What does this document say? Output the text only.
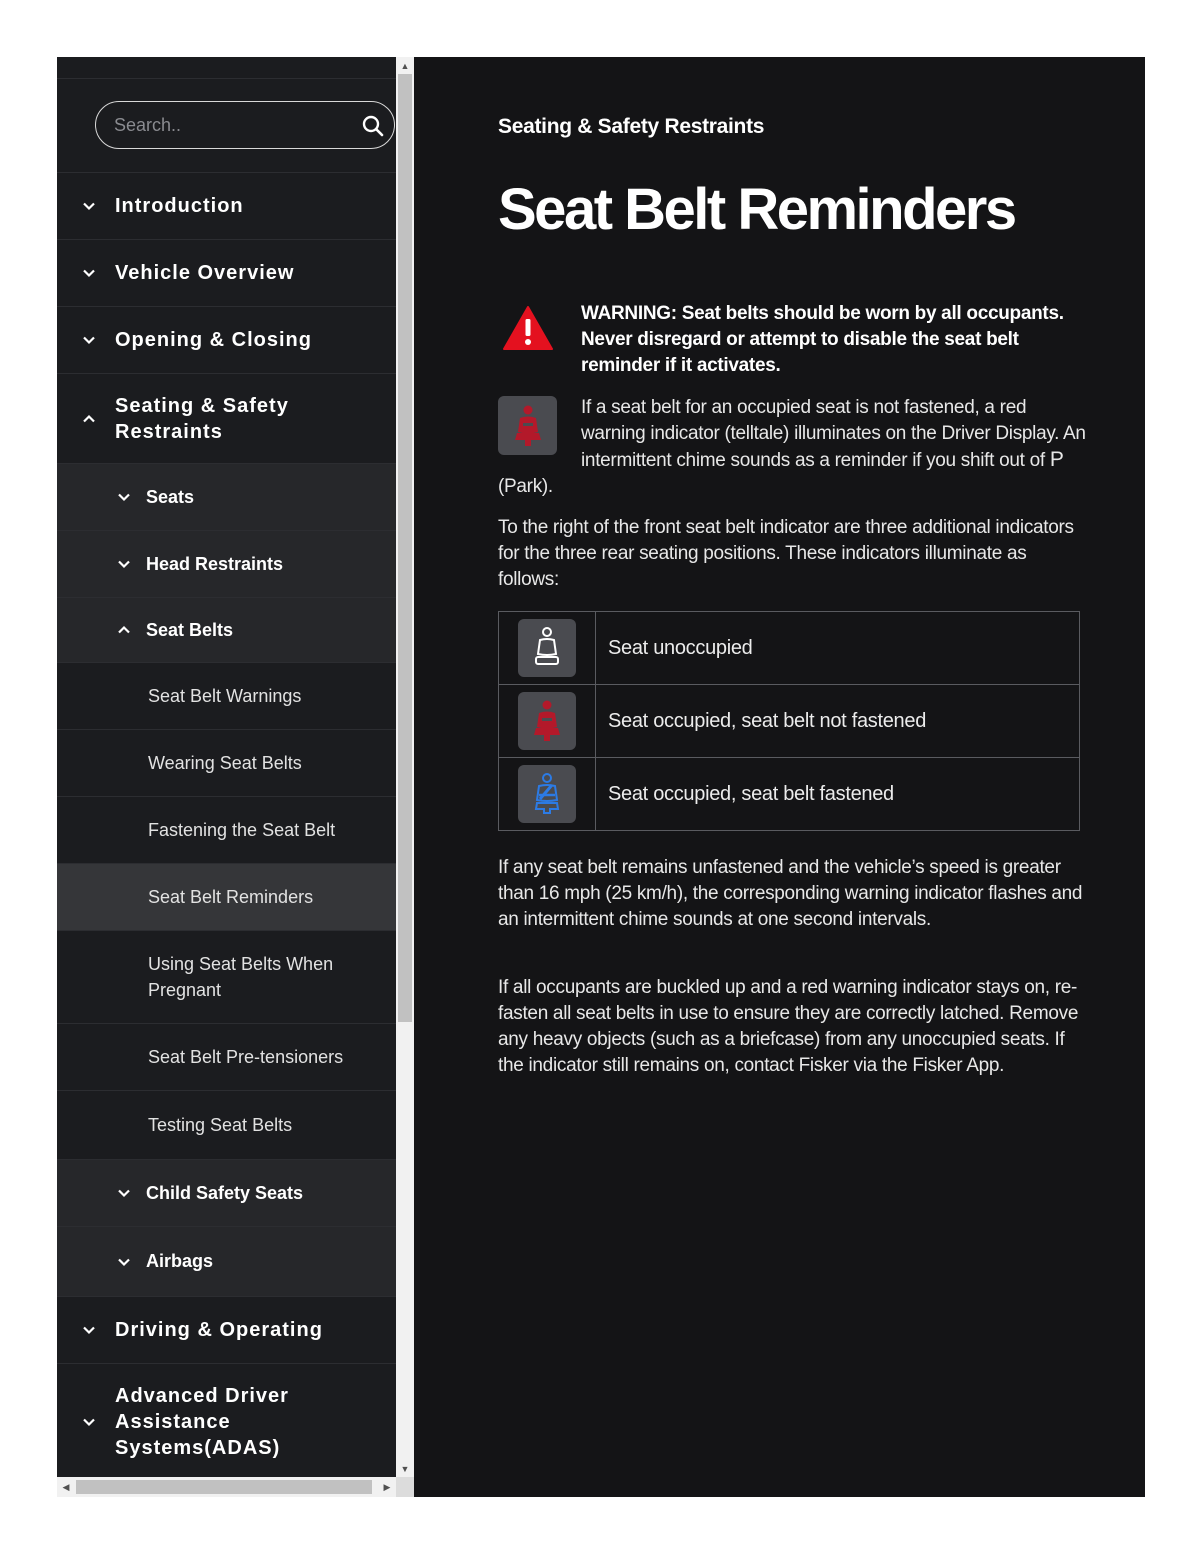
Search..
Introduction
Vehicle Overview
Opening & Closing
Seating & Safety Restraints
Seats
Head Restraints
Seat Belts
Seat Belt Warnings
Wearing Seat Belts
Fastening the Seat Belt
Seat Belt Reminders
Using Seat Belts When Pregnant
Seat Belt Pre-tensioners
Testing Seat Belts
Child Safety Seats
Airbags
Driving & Operating
Advanced Driver Assistance Systems(ADAS)
▲
▼
◀	▶
Seating & Safety Restraints
Seat Belt Reminders
WARNING: Seat belts should be worn by all occupants. Never disregard or attempt to disable the seat belt reminder if it activates.

If a seat belt for an occupied seat is not fastened, a red warning indicator (telltale) illuminates on the Driver Display. An intermittent chime sounds as a reminder if you shift out of P (Park).

To the right of the front seat belt indicator are three additional indicators for the three rear seating positions. These indicators illuminate as follows:

	Seat unoccupied

	Seat occupied, seat belt not fastened

	Seat occupied, seat belt fastened

If any seat belt remains unfastened and the vehicle’s speed is greater than 16 mph (25 km/h), the corresponding warning indicator flashes and an intermittent chime sounds at one second intervals.

If all occupants are buckled up and a red warning indicator stays on, re-fasten all seat belts in use to ensure they are correctly latched. Remove any heavy objects (such as a briefcase) from any unoccupied seats. If the indicator still remains on, contact Fisker via the Fisker App.
